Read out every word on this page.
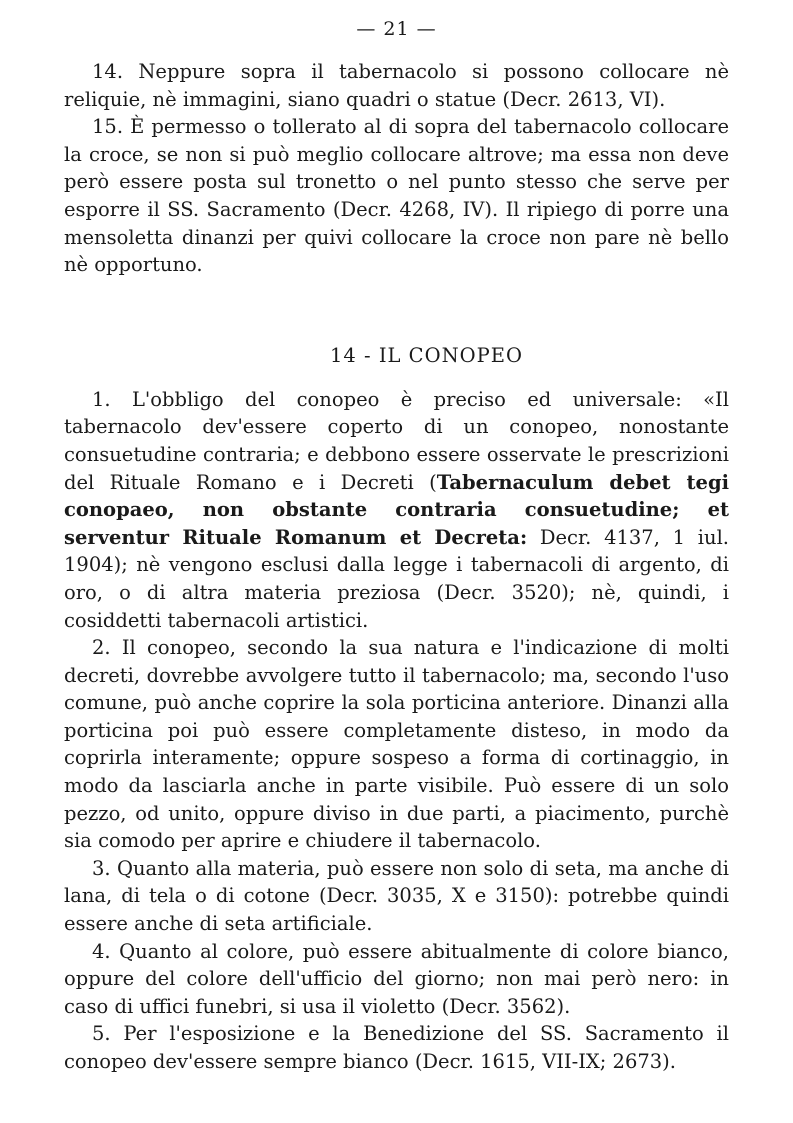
— 21 —

14. Neppure sopra il tabernacolo si possono collocare nè reliquie, nè immagini, siano quadri o statue (Decr. 2613, VI).

15. È permesso o tollerato al di sopra del tabernacolo collocare la croce, se non si può meglio collocare altrove; ma essa non deve però essere posta sul tronetto o nel punto stesso che serve per esporre il SS. Sacramento (Decr. 4268, IV). Il ripiego di porre una mensoletta dinanzi per quivi collocare la croce non pare nè bello nè opportuno.

14 - IL CONOPEO

1. L'obbligo del conopeo è preciso ed universale: «Il tabernacolo dev'essere coperto di un conopeo, nonostante consuetudine contraria; e debbono essere osservate le prescrizioni del Rituale Romano e i Decreti (Tabernaculum debet tegi conopaeo, non obstante contraria consuetudine; et serventur Rituale Romanum et Decreta: Decr. 4137, 1 iul. 1904); nè vengono esclusi dalla legge i tabernacoli di argento, di oro, o di altra materia preziosa (Decr. 3520); nè, quindi, i cosiddetti tabernacoli artistici.

2. Il conopeo, secondo la sua natura e l'indicazione di molti decreti, dovrebbe avvolgere tutto il tabernacolo; ma, secondo l'uso comune, può anche coprire la sola porticina anteriore. Dinanzi alla porticina poi può essere completamente disteso, in modo da coprirla interamente; oppure sospeso a forma di cortinaggio, in modo da lasciarla anche in parte visibile. Può essere di un solo pezzo, od unito, oppure diviso in due parti, a piacimento, purchè sia comodo per aprire e chiudere il tabernacolo.

3. Quanto alla materia, può essere non solo di seta, ma anche di lana, di tela o di cotone (Decr. 3035, X e 3150): potrebbe quindi essere anche di seta artificiale.

4. Quanto al colore, può essere abitualmente di colore bianco, oppure del colore dell'ufficio del giorno; non mai però nero: in caso di uffici funebri, si usa il violetto (Decr. 3562).

5. Per l'esposizione e la Benedizione del SS. Sacramento il conopeo dev'essere sempre bianco (Decr. 1615, VII-IX; 2673).
